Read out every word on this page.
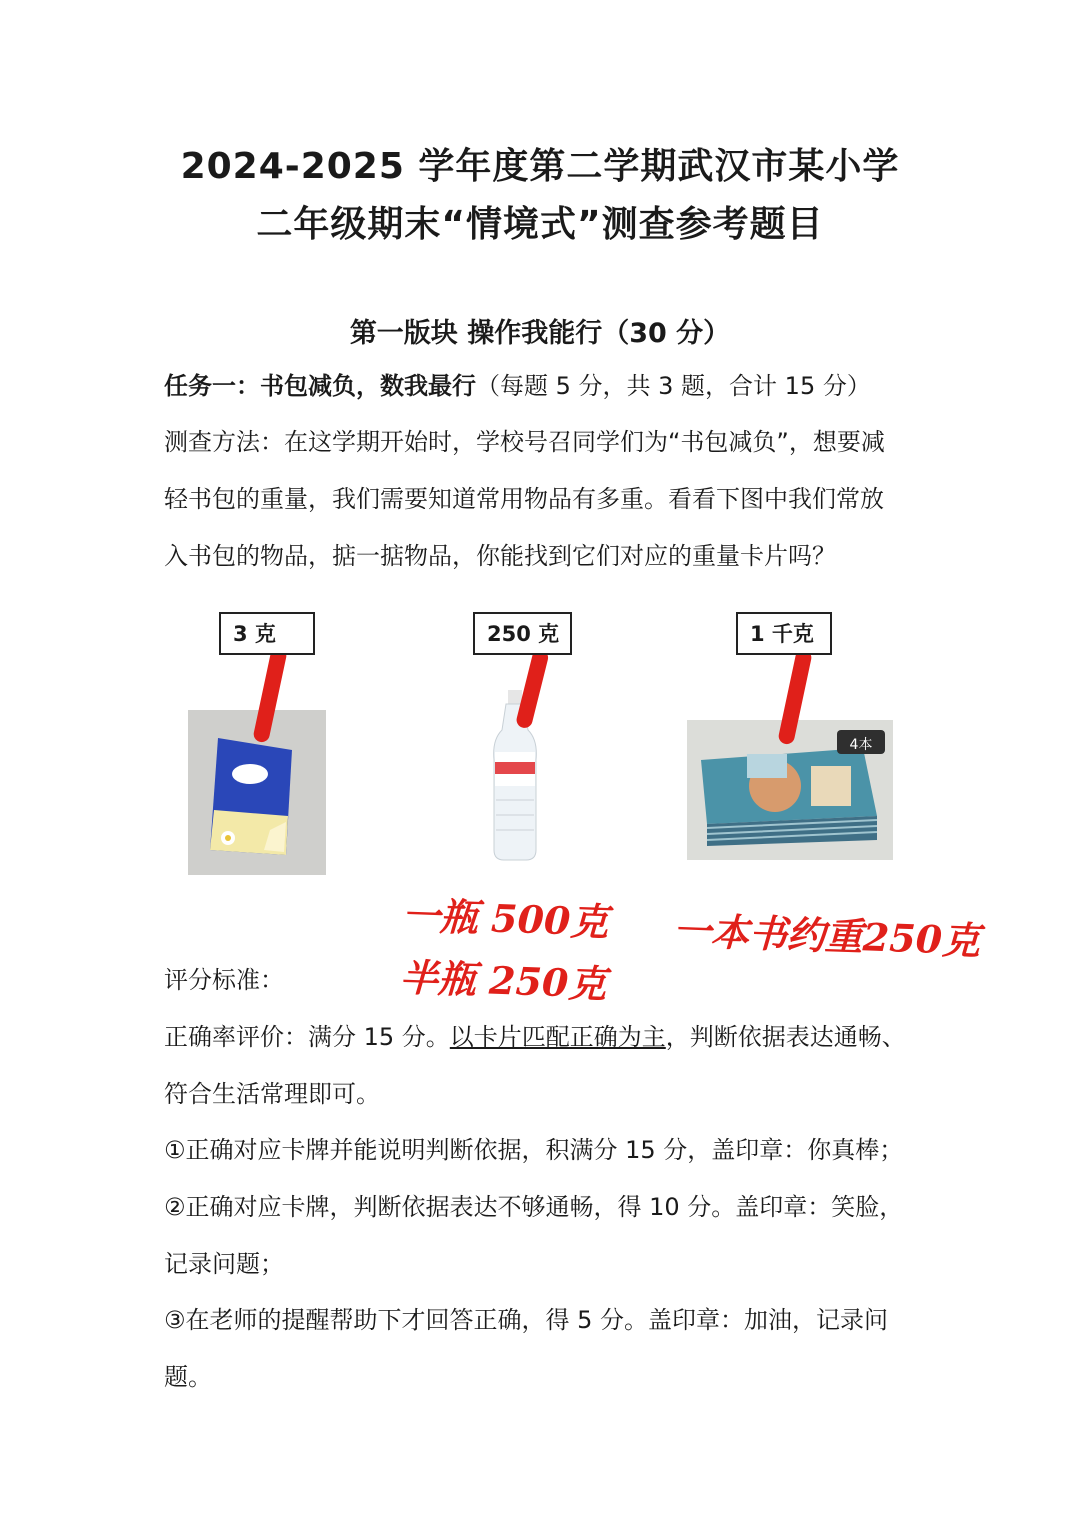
2024-2025 学年度第二学期武汉市某小学
二年级期末“情境式”测查参考题目
第一版块 操作我能行（30 分）
任务一：书包减负，数我最行（每题 5 分，共 3 题，合计 15 分）
测查方法：在这学期开始时，学校号召同学们为“书包减负”，想要减
轻书包的重量，我们需要知道常用物品有多重。看看下图中我们常放
入书包的物品，掂一掂物品，你能找到它们对应的重量卡片吗？
4本
3 克	250 克	1 千克
一瓶 500克
半瓶 250克
一本书约重250克
评分标准：
正确率评价：满分 15 分。以卡片匹配正确为主，判断依据表达通畅、
符合生活常理即可。
①正确对应卡牌并能说明判断依据，积满分 15 分，盖印章：你真棒；
②正确对应卡牌，判断依据表达不够通畅，得 10 分。盖印章：笑脸，
记录问题；
③在老师的提醒帮助下才回答正确，得 5 分。盖印章：加油，记录问
题。
